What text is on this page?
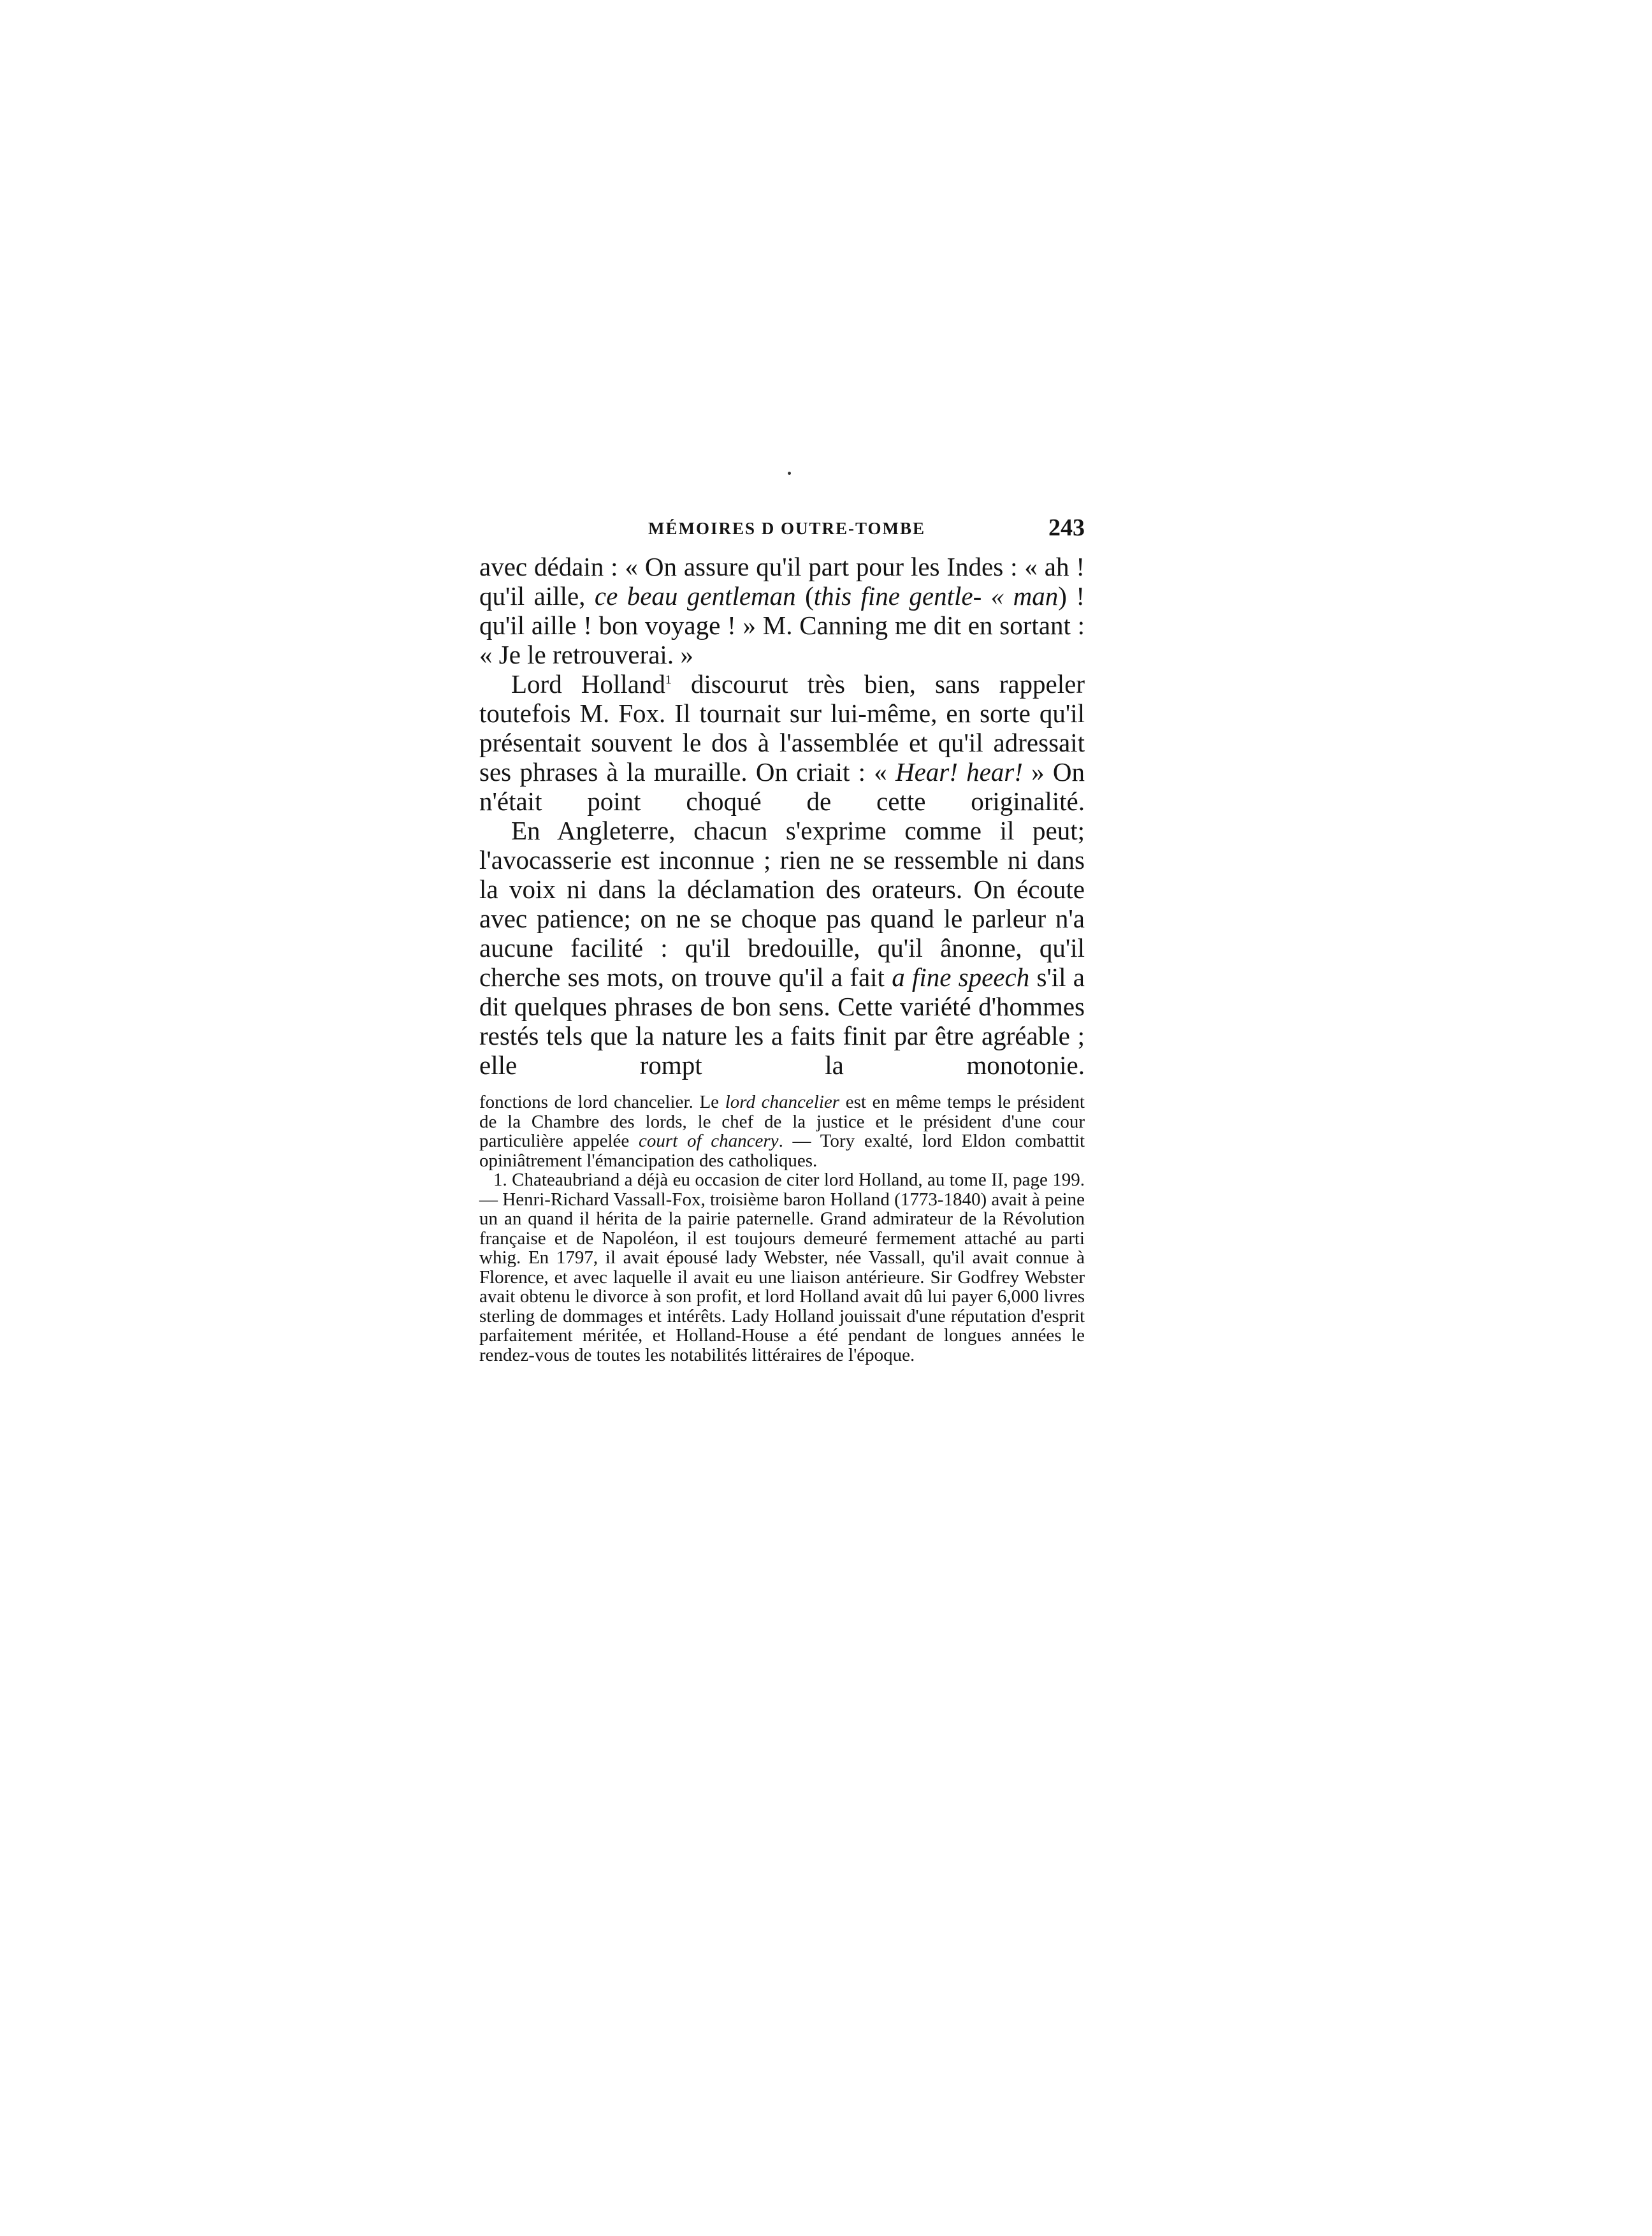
MÉMOIRES D OUTRE-TOMBE	243

avec dédain : « On assure qu'il part pour les Indes : « ah ! qu'il aille, ce beau gentleman (this fine gentle- « man) ! qu'il aille ! bon voyage ! » M. Canning me dit en sortant : « Je le retrouverai. »

Lord Holland$^1$ discourut très bien, sans rappeler toutefois M. Fox. Il tournait sur lui-même, en sorte qu'il présentait souvent le dos à l'assemblée et qu'il adressait ses phrases à la muraille. On criait : « Hear! hear! » On n'était point choqué de cette originalité.

En Angleterre, chacun s'exprime comme il peut; l'avocasserie est inconnue ; rien ne se ressemble ni dans la voix ni dans la déclamation des orateurs. On écoute avec patience; on ne se choque pas quand le parleur n'a aucune facilité : qu'il bredouille, qu'il ânonne, qu'il cherche ses mots, on trouve qu'il a fait a fine speech s'il a dit quelques phrases de bon sens. Cette variété d'hommes restés tels que la nature les a faits finit par être agréable ; elle rompt la monotonie.

fonctions de lord chancelier. Le lord chancelier est en même temps le président de la Chambre des lords, le chef de la justice et le président d'une cour particulière appelée court of chancery. — Tory exalté, lord Eldon combattit opiniâtrement l'émancipation des catholiques.

1. Chateaubriand a déjà eu occasion de citer lord Holland, au tome II, page 199. — Henri-Richard Vassall-Fox, troisième baron Holland (1773-1840) avait à peine un an quand il hérita de la pairie paternelle. Grand admirateur de la Révolution française et de Napoléon, il est toujours demeuré fermement attaché au parti whig. En 1797, il avait épousé lady Webster, née Vassall, qu'il avait connue à Florence, et avec laquelle il avait eu une liaison antérieure. Sir Godfrey Webster avait obtenu le divorce à son profit, et lord Holland avait dû lui payer 6,000 livres sterling de dommages et intérêts. Lady Holland jouissait d'une réputation d'esprit parfaitement méritée, et Holland-House a été pendant de longues années le rendez-vous de toutes les notabilités littéraires de l'époque.
